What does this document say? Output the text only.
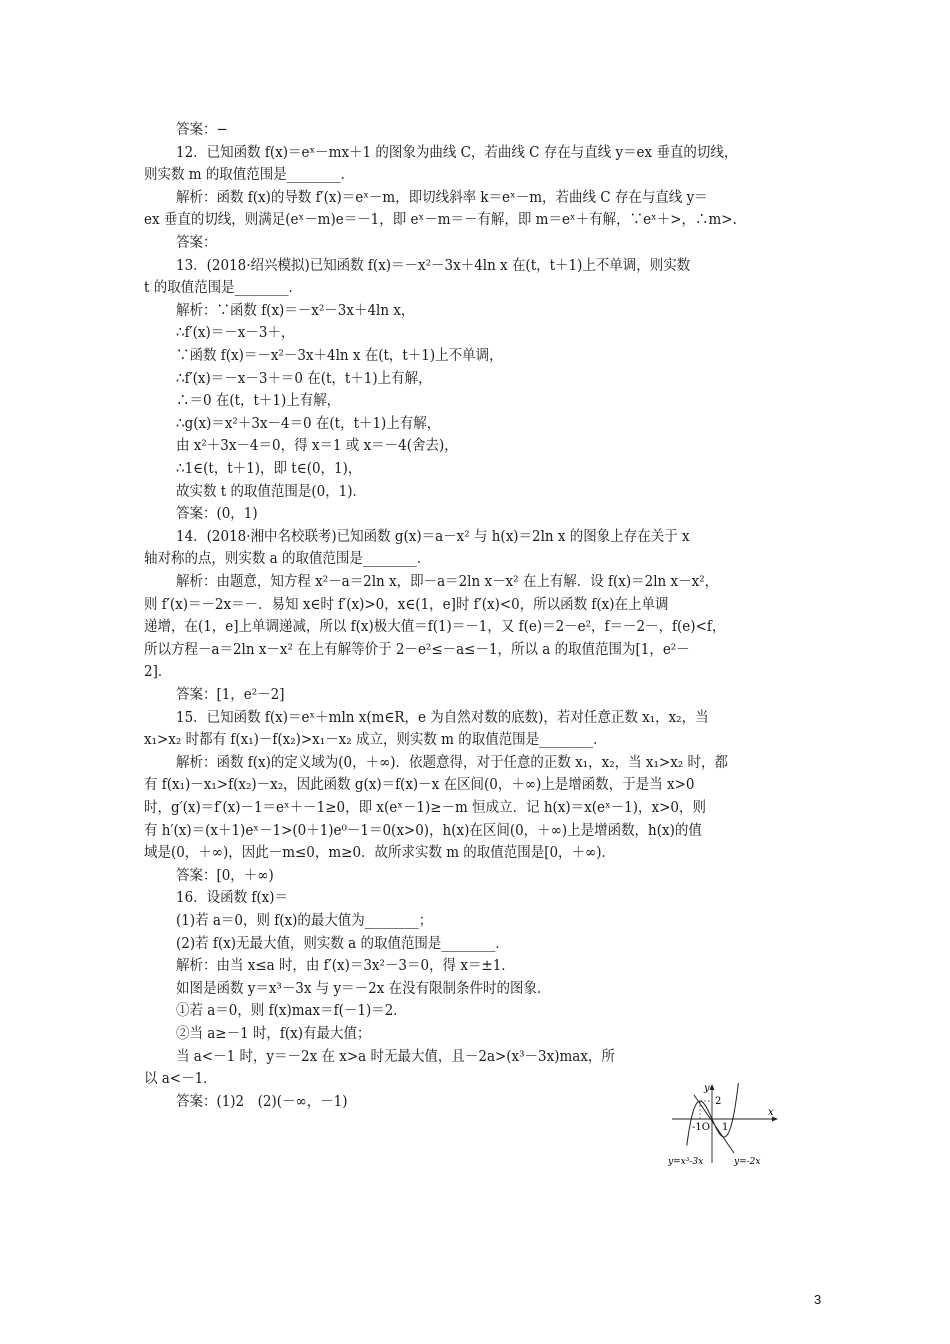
答案：−
12．已知函数 f(x)＝eˣ－mx＋1 的图象为曲线 C，若曲线 C 存在与直线 y＝ex 垂直的切线，
则实数 m 的取值范围是________．
解析：函数 f(x)的导数 f′(x)＝eˣ－m，即切线斜率 k＝eˣ－m，若曲线 C 存在与直线 y＝
ex 垂直的切线，则满足(eˣ－m)e＝－1，即 eˣ－m＝－有解，即 m＝eˣ＋有解，∵eˣ＋>，∴m>.
答案：
13．(2018·绍兴模拟)已知函数 f(x)＝－x²－3x＋4ln x 在(t，t＋1)上不单调，则实数
t 的取值范围是________．
解析：∵函数 f(x)＝－x²－3x＋4ln x，
∴f′(x)＝－x－3＋，
∵函数 f(x)＝－x²－3x＋4ln x 在(t，t＋1)上不单调，
∴f′(x)＝－x－3＋＝0 在(t，t＋1)上有解，
∴＝0 在(t，t＋1)上有解，
∴g(x)＝x²＋3x－4＝0 在(t，t＋1)上有解，
由 x²＋3x－4＝0，得 x＝1 或 x＝－4(舍去)，
∴1∈(t，t＋1)，即 t∈(0，1)，
故实数 t 的取值范围是(0，1)．
答案：(0，1)
14．(2018·湘中名校联考)已知函数 g(x)＝a－x² 与 h(x)＝2ln x 的图象上存在关于 x
轴对称的点，则实数 a 的取值范围是________．
解析：由题意，知方程 x²－a＝2ln x，即－a＝2ln x－x² 在上有解．设 f(x)＝2ln x－x²，
则 f′(x)＝－2x＝－．易知 x∈时 f′(x)>0，x∈(1，e]时 f′(x)<0，所以函数 f(x)在上单调
递增，在(1，e]上单调递减，所以 f(x)极大值＝f(1)＝－1，又 f(e)＝2－e²，f＝－2－，f(e)<f，
所以方程－a＝2ln x－x² 在上有解等价于 2－e²≤－a≤－1，所以 a 的取值范围为[1，e²－
2]．
答案：[1，e²－2]
15．已知函数 f(x)＝eˣ＋mln x(m∈R，e 为自然对数的底数)，若对任意正数 x₁，x₂，当
x₁>x₂ 时都有 f(x₁)－f(x₂)>x₁－x₂ 成立，则实数 m 的取值范围是________．
解析：函数 f(x)的定义域为(0，＋∞)．依题意得，对于任意的正数 x₁，x₂，当 x₁>x₂ 时，都
有 f(x₁)－x₁>f(x₂)－x₂，因此函数 g(x)＝f(x)－x 在区间(0，＋∞)上是增函数，于是当 x>0
时，g′(x)＝f′(x)－1＝eˣ＋－1≥0，即 x(eˣ－1)≥－m 恒成立．记 h(x)＝x(eˣ－1)，x>0，则
有 h′(x)＝(x＋1)eˣ－1>(0＋1)e⁰－1＝0(x>0)，h(x)在区间(0，＋∞)上是增函数，h(x)的值
域是(0，＋∞)，因此－m≤0，m≥0．故所求实数 m 的取值范围是[0，＋∞)．
答案：[0，＋∞)
16．设函数 f(x)＝
(1)若 a＝0，则 f(x)的最大值为________；
(2)若 f(x)无最大值，则实数 a 的取值范围是________．
解析：由当 x≤a 时，由 f′(x)＝3x²－3＝0，得 x＝±1．
如图是函数 y＝x³－3x 与 y＝－2x 在没有限制条件时的图象．
①若 a＝0，则 f(x)max＝f(－1)＝2．
②当 a≥－1 时，f(x)有最大值；
当 a<－1 时，y＝－2x 在 x>a 时无最大值，且－2a>(x³－3x)max，所
以 a<－1．
答案：(1)2　(2)(－∞，－1)
y
x
2
-1O 1
y=x³-3x	y=-2x
3
